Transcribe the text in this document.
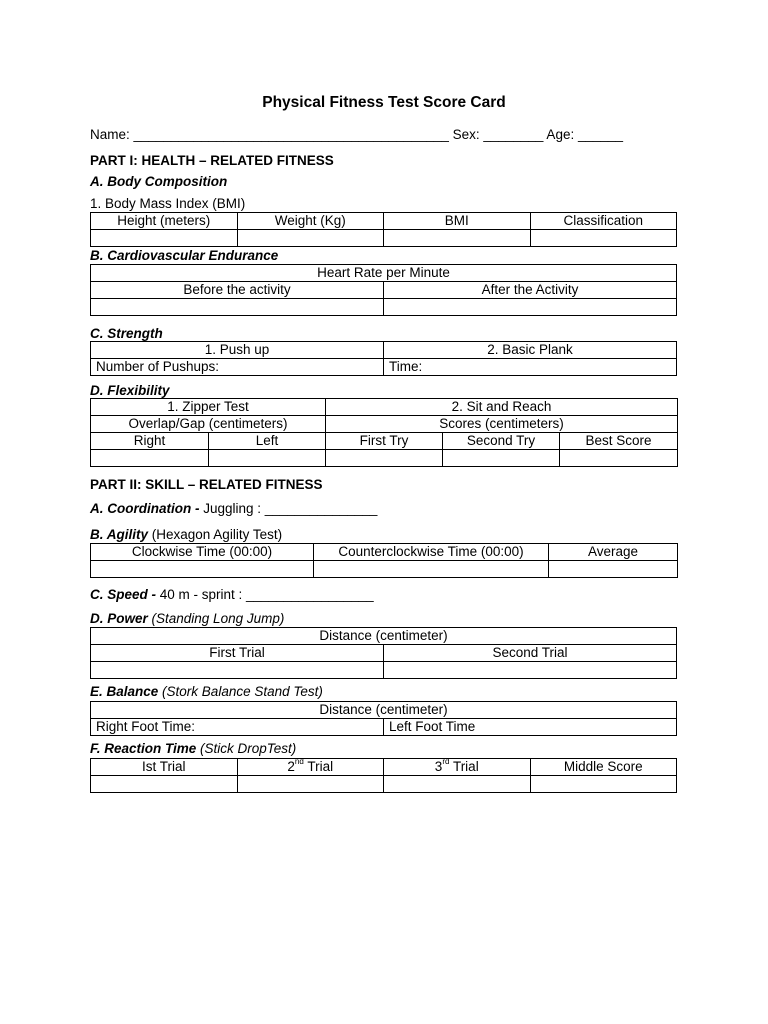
Physical Fitness Test Score Card
Name: __________________________________________ Sex: ________ Age: ______
PART I: HEALTH – RELATED FITNESS
A. Body Composition
1. Body Mass Index (BMI)
Height (meters)	Weight (Kg)	BMI	Classification

B. Cardiovascular Endurance
Heart Rate per Minute	
Before the activity	After the Activity

C. Strength
1. Push up	2. Basic Plank
Number of Pushups:	Time:
D. Flexibility
1. Zipper Test		2. Sit and Reach		
Overlap/Gap (centimeters)		Scores (centimeters)		
Right	Left	First Try	Second Try	Best Score

PART II: SKILL – RELATED FITNESS
A. Coordination - Juggling : _______________
B. Agility (Hexagon Agility Test)
Clockwise Time (00:00)	Counterclockwise Time (00:00)	Average

C. Speed - 40 m - sprint : _________________
D. Power (Standing Long Jump)
Distance (centimeter)	
First Trial	Second Trial

E. Balance (Stork Balance Stand Test)
Distance (centimeter)
Right Foot Time:	Left Foot Time
F. Reaction Time (Stick DropTest)
Ist Trial	2nd Trial	3rd Trial	Middle Score
